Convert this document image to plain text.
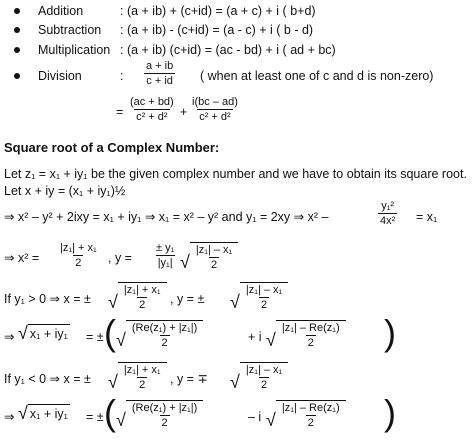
Addition	: (a + ib) + (c+id) = (a + c) + i ( b+d)
Subtraction : (a + ib) - (c+id) = (a - c) + i ( b - d)
Multiplication : (a + ib) (c+id) = (ac - bd) + i ( ad + bc)
Division	: $\frac{a + ib}{c + id}$ ( when at least one of c and d is non-zero)
= $\frac{(ac + bd)}{\text{c² + d²}} + \frac{i(bc - ad)}{\text{c² + d²}}$
Square root of a Complex Number:
Let z₁ = x₁ + iy₁ be the given complex number and we have to obtain its square root.
Let x + iy = (x₁ + iy₁)½
⇒ x² – y² + 2ixy = x₁ + iy₁ ⇒ x₁ = x² – y² and y₁ = 2xy ⇒ x² –	$\frac{\text{y₁²}}{\text{4x²}} = x_1$
⇒ $x^2 = \frac{\text{|z₁| + x₁}}{2}$ , $y = \frac{\text{± y₁}}{\text{|y₁|}}$ √ $\frac{\text{|z₁| – x₁}}{2}$
If y₁ > 0 ⇒ x = ± √ $\frac{\text{|z₁| + x₁}}{2}$ , y = ± √ $\frac{\text{|z₁| – x₁}}{2}$
⇒ √ x₁ + iy₁ = ± ( √ $\frac{\text{(Re(z₁) + |z₁|)}}{2}$	+ i √ $\frac{\text{|z₁| – Re(z₁)}}{2}$ )
If y₁ < 0 ⇒ x = ± √ $\frac{\text{|z₁| + x₁}}{2}$ , y = ∓ √ $\frac{\text{|z₁| – x₁}}{2}$
⇒ √ x₁ + iy₁ = ± ( √ $\frac{\text{(Re(z₁) + |z₁|)}}{2}$	– i √ $\frac{\text{|z₁| – Re(z₁)}}{2}$ )
